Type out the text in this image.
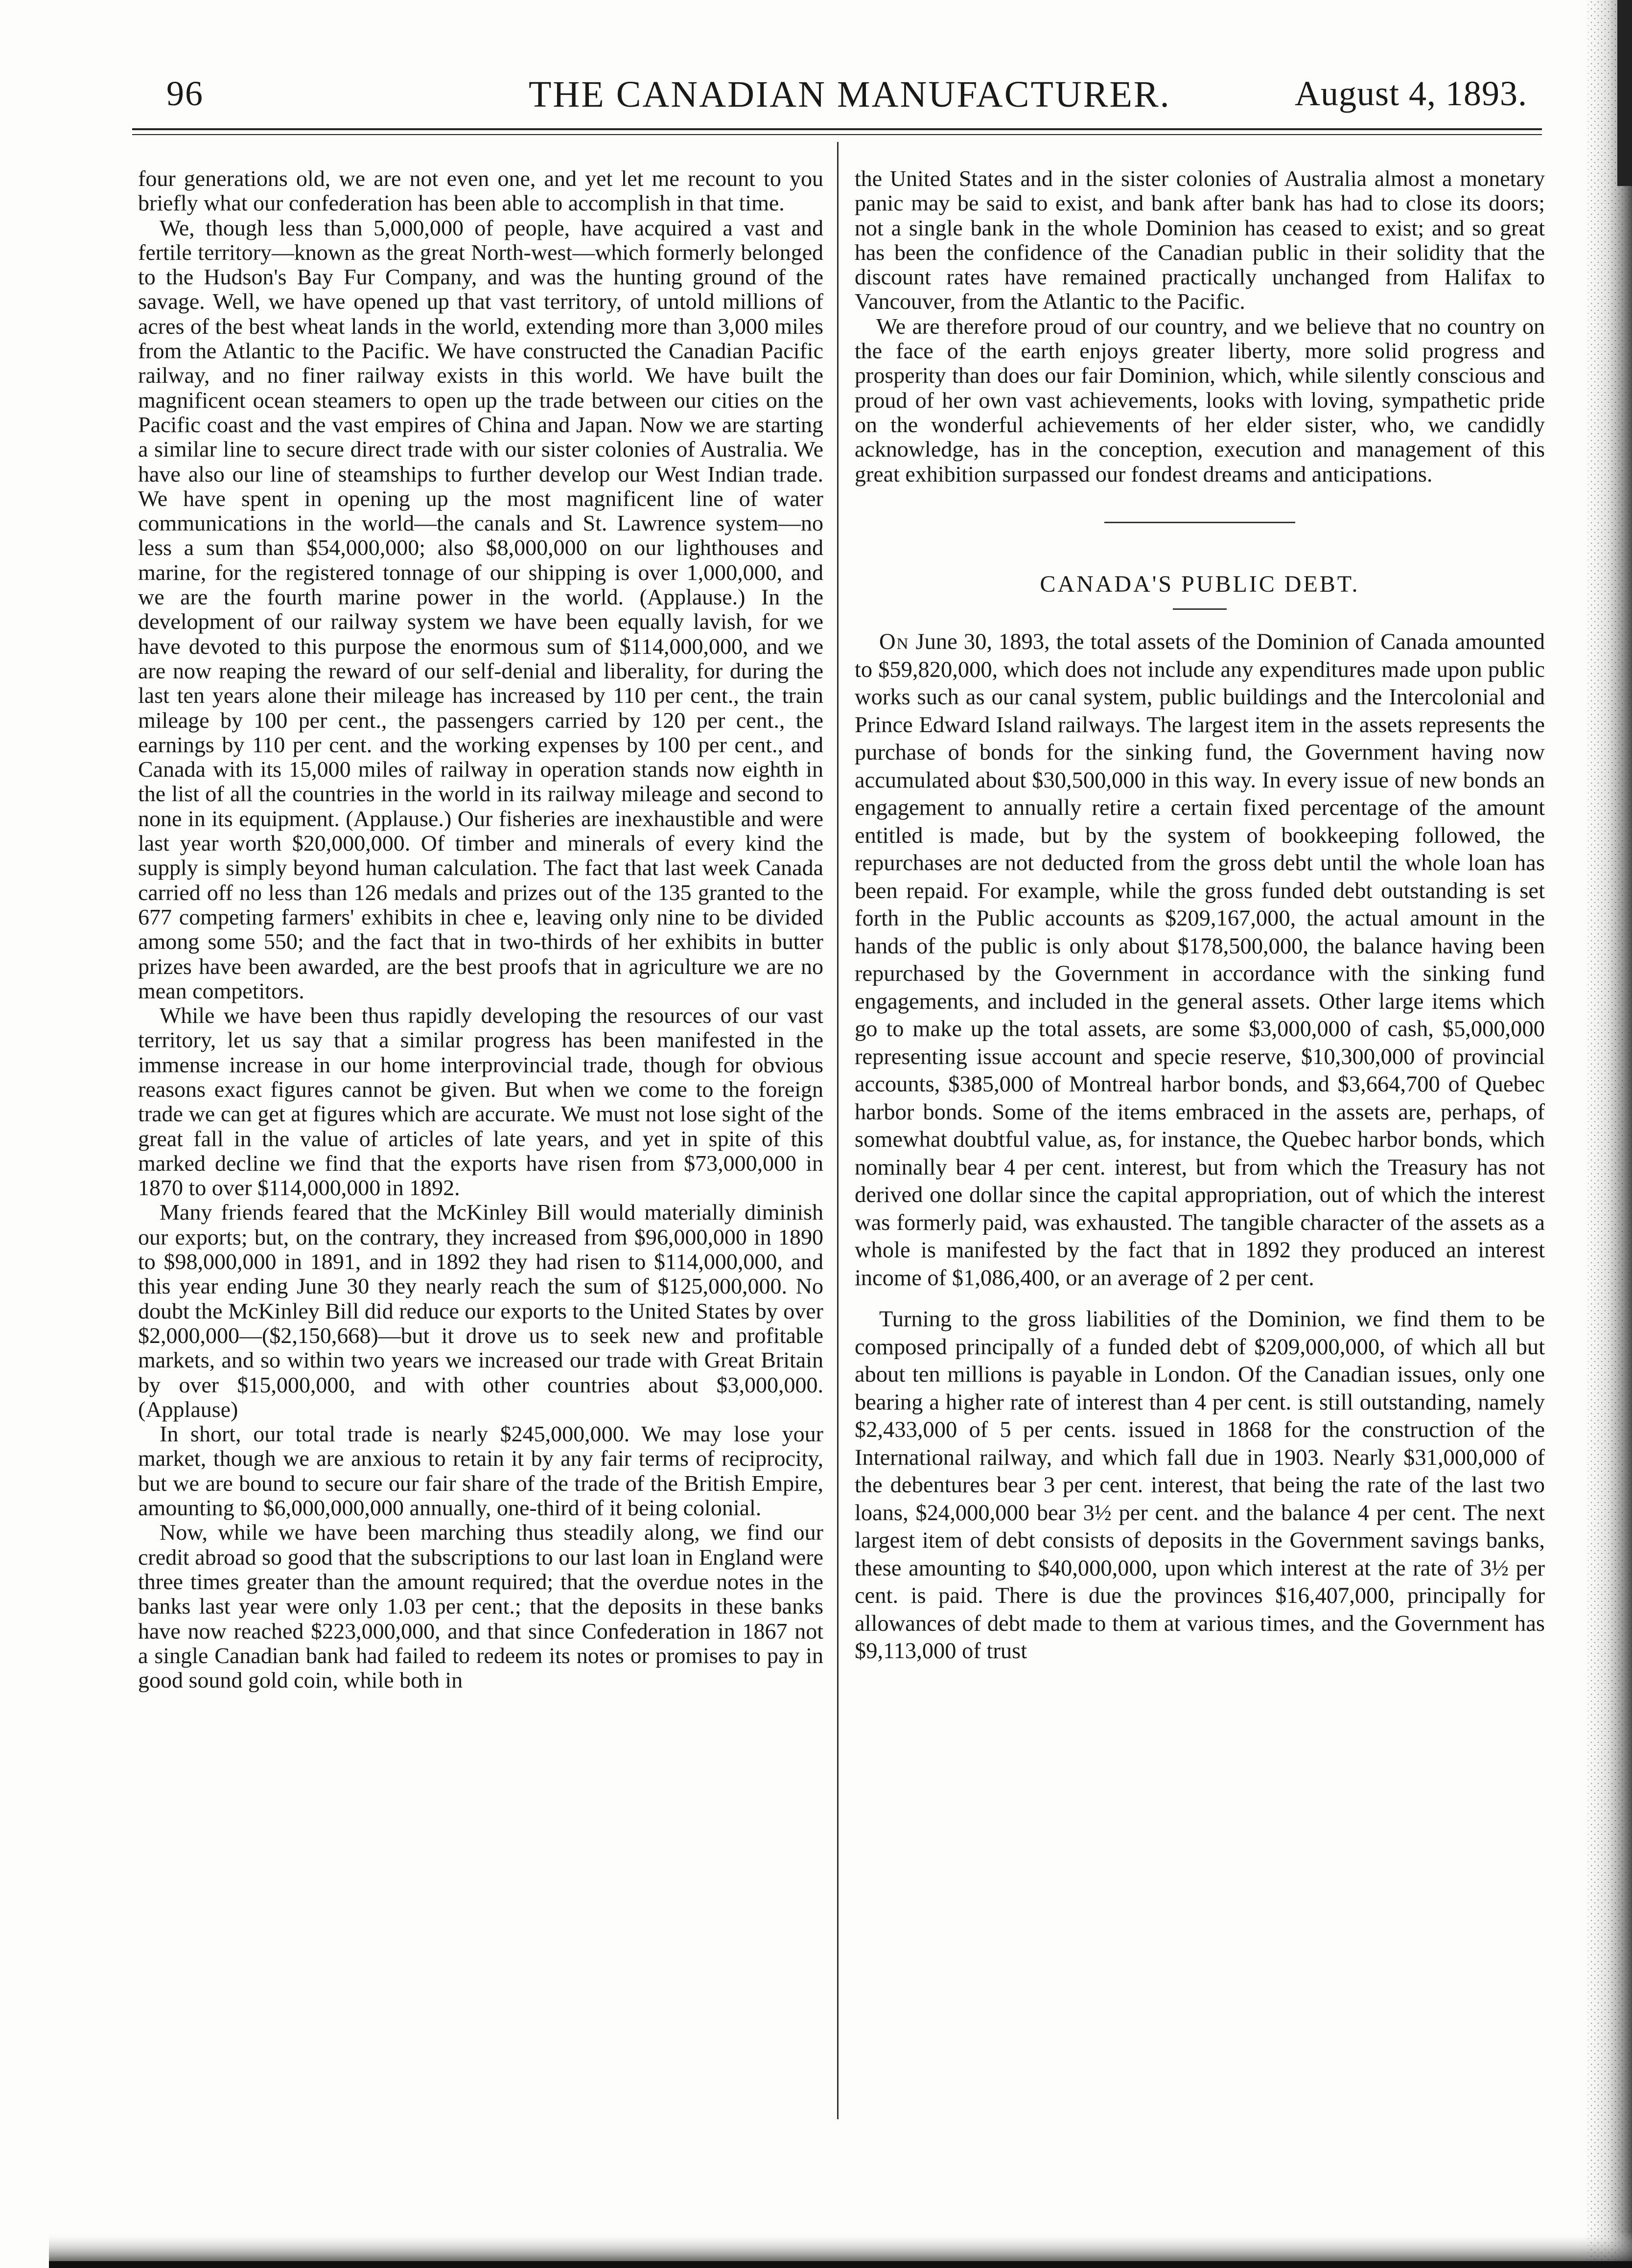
96	THE CANADIAN MANUFACTURER.	August 4, 1893.

four generations old, we are not even one, and yet let me recount to you briefly what our confederation has been able to accomplish in that time.

We, though less than 5,000,000 of people, have acquired a vast and fertile territory—known as the great North-west—which formerly belonged to the Hudson's Bay Fur Company, and was the hunting ground of the savage. Well, we have opened up that vast territory, of untold millions of acres of the best wheat lands in the world, extending more than 3,000 miles from the Atlantic to the Pacific. We have constructed the Canadian Pacific railway, and no finer railway exists in this world. We have built the magnificent ocean steamers to open up the trade between our cities on the Pacific coast and the vast empires of China and Japan. Now we are starting a similar line to secure direct trade with our sister colonies of Australia. We have also our line of steamships to further develop our West Indian trade. We have spent in opening up the most magnificent line of water communications in the world—the canals and St. Lawrence system—no less a sum than $54,000,000; also $8,000,000 on our lighthouses and marine, for the registered tonnage of our shipping is over 1,000,000, and we are the fourth marine power in the world. (Applause.) In the development of our railway system we have been equally lavish, for we have devoted to this purpose the enormous sum of $114,000,000, and we are now reaping the reward of our self-denial and liberality, for during the last ten years alone their mileage has increased by 110 per cent., the train mileage by 100 per cent., the passengers carried by 120 per cent., the earnings by 110 per cent. and the working expenses by 100 per cent., and Canada with its 15,000 miles of railway in operation stands now eighth in the list of all the countries in the world in its railway mileage and second to none in its equipment. (Applause.) Our fisheries are inexhaustible and were last year worth $20,000,000. Of timber and minerals of every kind the supply is simply beyond human calculation. The fact that last week Canada carried off no less than 126 medals and prizes out of the 135 granted to the 677 competing farmers' exhibits in chee e, leaving only nine to be divided among some 550; and the fact that in two-thirds of her exhibits in butter prizes have been awarded, are the best proofs that in agriculture we are no mean competitors.

While we have been thus rapidly developing the resources of our vast territory, let us say that a similar progress has been manifested in the immense increase in our home interprovincial trade, though for obvious reasons exact figures cannot be given. But when we come to the foreign trade we can get at figures which are accurate. We must not lose sight of the great fall in the value of articles of late years, and yet in spite of this marked decline we find that the exports have risen from $73,000,000 in 1870 to over $114,000,000 in 1892.

Many friends feared that the McKinley Bill would materially diminish our exports; but, on the contrary, they increased from $96,000,000 in 1890 to $98,000,000 in 1891, and in 1892 they had risen to $114,000,000, and this year ending June 30 they nearly reach the sum of $125,000,000. No doubt the McKinley Bill did reduce our exports to the United States by over $2,000,000—($2,150,668)—but it drove us to seek new and profitable markets, and so within two years we increased our trade with Great Britain by over $15,000,000, and with other countries about $3,000,000. (Applause)

In short, our total trade is nearly $245,000,000. We may lose your market, though we are anxious to retain it by any fair terms of reciprocity, but we are bound to secure our fair share of the trade of the British Empire, amounting to $6,000,000,000 annually, one-third of it being colonial.

Now, while we have been marching thus steadily along, we find our credit abroad so good that the subscriptions to our last loan in England were three times greater than the amount required; that the overdue notes in the banks last year were only 1.03 per cent.; that the deposits in these banks have now reached $223,000,000, and that since Confederation in 1867 not a single Canadian bank had failed to redeem its notes or promises to pay in good sound gold coin, while both in

the United States and in the sister colonies of Australia almost a monetary panic may be said to exist, and bank after bank has had to close its doors; not a single bank in the whole Dominion has ceased to exist; and so great has been the confidence of the Canadian public in their solidity that the discount rates have remained practically unchanged from Halifax to Vancouver, from the Atlantic to the Pacific.

We are therefore proud of our country, and we believe that no country on the face of the earth enjoys greater liberty, more solid progress and prosperity than does our fair Dominion, which, while silently conscious and proud of her own vast achievements, looks with loving, sympathetic pride on the wonderful achievements of her elder sister, who, we candidly acknowledge, has in the conception, execution and management of this great exhibition surpassed our fondest dreams and anticipations.

CANADA'S PUBLIC DEBT.

On June 30, 1893, the total assets of the Dominion of Canada amounted to $59,820,000, which does not include any expenditures made upon public works such as our canal system, public buildings and the Intercolonial and Prince Edward Island railways. The largest item in the assets represents the purchase of bonds for the sinking fund, the Government having now accumulated about $30,500,000 in this way. In every issue of new bonds an engagement to annually retire a certain fixed percentage of the amount entitled is made, but by the system of bookkeeping followed, the repurchases are not deducted from the gross debt until the whole loan has been repaid. For example, while the gross funded debt outstanding is set forth in the Public accounts as $209,167,000, the actual amount in the hands of the public is only about $178,500,000, the balance having been repurchased by the Government in accordance with the sinking fund engagements, and included in the general assets. Other large items which go to make up the total assets, are some $3,000,000 of cash, $5,000,000 representing issue account and specie reserve, $10,300,000 of provincial accounts, $385,000 of Montreal harbor bonds, and $3,664,700 of Quebec harbor bonds. Some of the items embraced in the assets are, perhaps, of somewhat doubtful value, as, for instance, the Quebec harbor bonds, which nominally bear 4 per cent. interest, but from which the Treasury has not derived one dollar since the capital appropriation, out of which the interest was formerly paid, was exhausted. The tangible character of the assets as a whole is manifested by the fact that in 1892 they produced an interest income of $1,086,400, or an average of 2 per cent.

Turning to the gross liabilities of the Dominion, we find them to be composed principally of a funded debt of $209,000,000, of which all but about ten millions is payable in London. Of the Canadian issues, only one bearing a higher rate of interest than 4 per cent. is still outstanding, namely $2,433,000 of 5 per cents. issued in 1868 for the construction of the International railway, and which fall due in 1903. Nearly $31,000,000 of the debentures bear 3 per cent. interest, that being the rate of the last two loans, $24,000,000 bear 3½ per cent. and the balance 4 per cent. The next largest item of debt consists of deposits in the Government savings banks, these amounting to $40,000,000, upon which interest at the rate of 3½ per cent. is paid. There is due the provinces $16,407,000, principally for allowances of debt made to them at various times, and the Government has $9,113,000 of trust
